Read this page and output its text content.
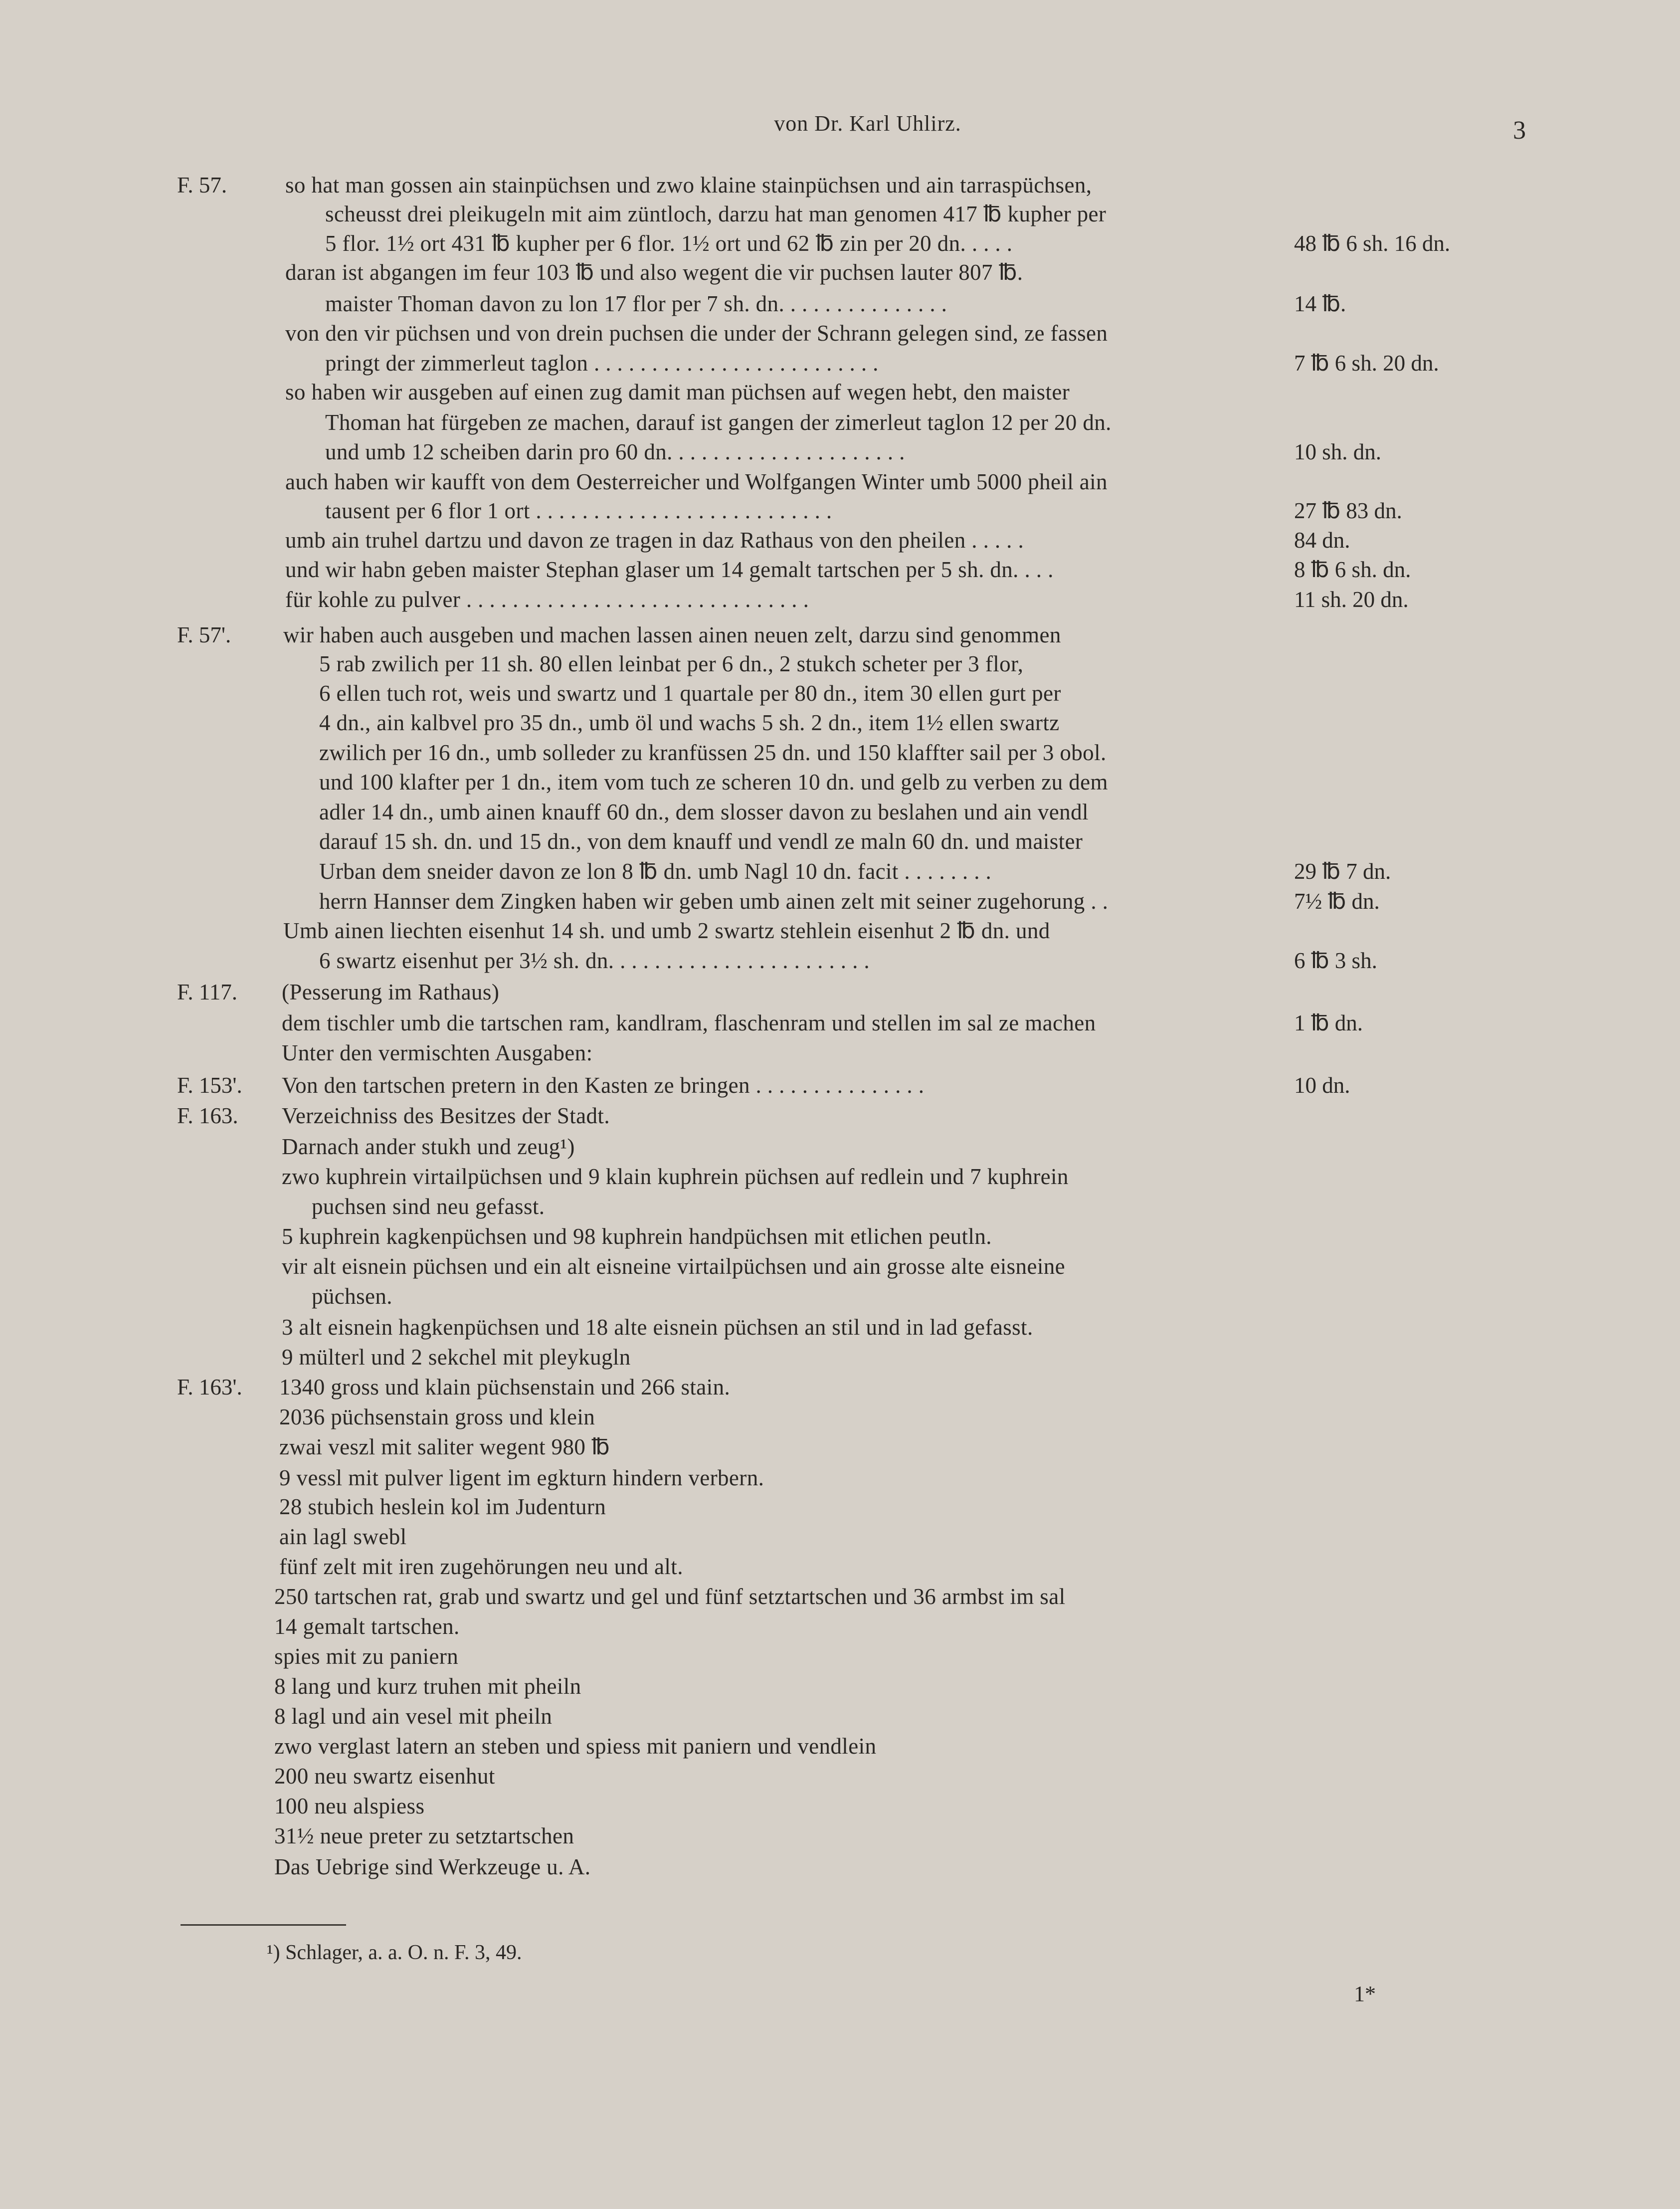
von Dr. Karl Uhlirz.	3
F. 57.	so hat man gossen ain stainpüchsen und zwo klaine stainpüchsen und ain tarraspüchsen,
scheusst drei pleikugeln mit aim züntloch, darzu hat man genomen 417 ℔ kupher per
5 flor. 1½ ort 431 ℔ kupher per 6 flor. 1½ ort und 62 ℔ zin per 20 dn. . . . .	48 ℔ 6 sh. 16 dn.
daran ist abgangen im feur 103 ℔ und also wegent die vir puchsen lauter 807 ℔.
maister Thoman davon zu lon 17 flor per 7 sh. dn. . . . . . . . . . . . . . .	14 ℔.
von den vir püchsen und von drein puchsen die under der Schrann gelegen sind, ze fassen
pringt der zimmerleut taglon . . . . . . . . . . . . . . . . . . . . . . . . .	7 ℔ 6 sh. 20 dn.
so haben wir ausgeben auf einen zug damit man püchsen auf wegen hebt, den maister
Thoman hat fürgeben ze machen, darauf ist gangen der zimerleut taglon 12 per 20 dn.
und umb 12 scheiben darin pro 60 dn. . . . . . . . . . . . . . . . . . . . .	10 sh. dn.
auch haben wir kaufft von dem Oesterreicher und Wolfgangen Winter umb 5000 pheil ain
tausent per 6 flor 1 ort . . . . . . . . . . . . . . . . . . . . . . . . . .	27 ℔ 83 dn.
umb ain truhel dartzu und davon ze tragen in daz Rathaus von den pheilen . . . . .	84 dn.
und wir habn geben maister Stephan glaser um 14 gemalt tartschen per 5 sh. dn. . . .	8 ℔ 6 sh. dn.
für kohle zu pulver . . . . . . . . . . . . . . . . . . . . . . . . . . . . . .	11 sh. 20 dn.
F. 57'.	wir haben auch ausgeben und machen lassen ainen neuen zelt, darzu sind genommen
5 rab zwilich per 11 sh. 80 ellen leinbat per 6 dn., 2 stukch scheter per 3 flor,
6 ellen tuch rot, weis und swartz und 1 quartale per 80 dn., item 30 ellen gurt per
4 dn., ain kalbvel pro 35 dn., umb öl und wachs 5 sh. 2 dn., item 1½ ellen swartz
zwilich per 16 dn., umb solleder zu kranfüssen 25 dn. und 150 klaffter sail per 3 obol.
und 100 klafter per 1 dn., item vom tuch ze scheren 10 dn. und gelb zu verben zu dem
adler 14 dn., umb ainen knauff 60 dn., dem slosser davon zu beslahen und ain vendl
darauf 15 sh. dn. und 15 dn., von dem knauff und vendl ze maln 60 dn. und maister
Urban dem sneider davon ze lon 8 ℔ dn. umb Nagl 10 dn. facit . . . . . . . .	29 ℔ 7 dn.
herrn Hannser dem Zingken haben wir geben umb ainen zelt mit seiner zugehorung . .	7½ ℔ dn.
Umb ainen liechten eisenhut 14 sh. und umb 2 swartz stehlein eisenhut 2 ℔ dn. und
6 swartz eisenhut per 3½ sh. dn. . . . . . . . . . . . . . . . . . . . . . .	6 ℔ 3 sh.
F. 117.	(Pesserung im Rathaus)
dem tischler umb die tartschen ram, kandlram, flaschenram und stellen im sal ze machen	1 ℔ dn.
Unter den vermischten Ausgaben:
F. 153'.	Von den tartschen pretern in den Kasten ze bringen . . . . . . . . . . . . . . .	10 dn.
F. 163.	Verzeichniss des Besitzes der Stadt.
Darnach ander stukh und zeug¹)
zwo kuphrein virtailpüchsen und 9 klain kuphrein püchsen auf redlein und 7 kuphrein
puchsen sind neu gefasst.
5 kuphrein kagkenpüchsen und 98 kuphrein handpüchsen mit etlichen peutln.
vir alt eisnein püchsen und ein alt eisneine virtailpüchsen und ain grosse alte eisneine
püchsen.
3 alt eisnein hagkenpüchsen und 18 alte eisnein püchsen an stil und in lad gefasst.
9 mülterl und 2 sekchel mit pleykugln
F. 163'.	1340 gross und klain püchsenstain und 266 stain.
2036 püchsenstain gross und klein
zwai veszl mit saliter wegent 980 ℔
9 vessl mit pulver ligent im egkturn hindern verbern.
28 stubich heslein kol im Judenturn
ain lagl swebl
fünf zelt mit iren zugehörungen neu und alt.
250 tartschen rat, grab und swartz und gel und fünf setztartschen und 36 armbst im sal
14 gemalt tartschen.
spies mit zu paniern
8 lang und kurz truhen mit pheiln
8 lagl und ain vesel mit pheiln
zwo verglast latern an steben und spiess mit paniern und vendlein
200 neu swartz eisenhut
100 neu alspiess
31½ neue preter zu setztartschen
Das Uebrige sind Werkzeuge u. A.
¹) Schlager, a. a. O. n. F. 3, 49.
1*
